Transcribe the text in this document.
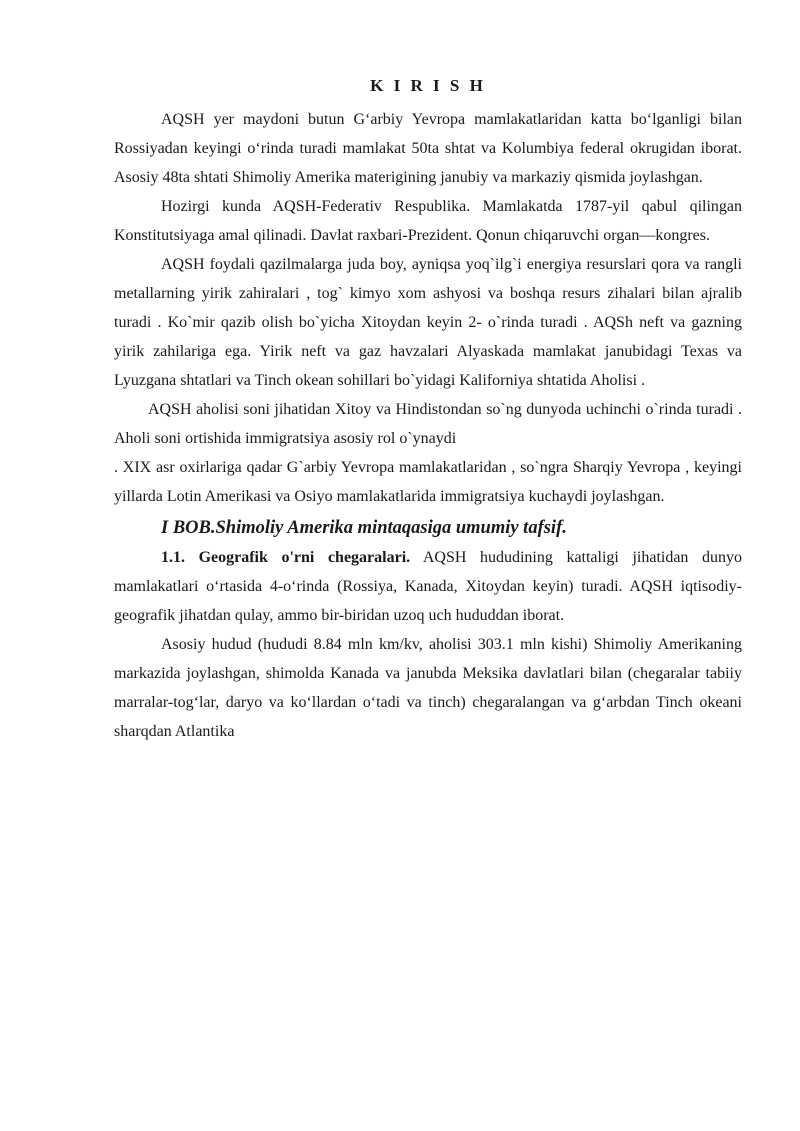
K I R I S H

AQSH yer maydoni butun G‘arbiy Yevropa mamlakatlaridan katta bo‘lganligi bilan Rossiyadan keyingi o‘rinda turadi mamlakat 50ta shtat va Kolumbiya federal okrugidan iborat. Asosiy 48ta shtati Shimoliy Amerika materigining janubiy va markaziy qismida joylashgan.

Hozirgi kunda AQSH-Federativ Respublika. Mamlakatda 1787-yil qabul qilingan Konstitutsiyaga amal qilinadi. Davlat raxbari-Prezident. Qonun chiqaruvchi organ—kongres.

AQSH foydali qazilmalarga juda boy, ayniqsa yoq`ilg`i energiya resurslari qora va rangli metallarning yirik zahiralari , tog` kimyo xom ashyosi va boshqa resurs zihalari bilan ajralib turadi . Ko`mir qazib olish bo`yicha Xitoydan keyin 2- o`rinda turadi . AQSh neft va gazning yirik zahilariga ega. Yirik neft va gaz havzalari Alyaskada mamlakat janubidagi Texas va Lyuzgana shtatlari va Tinch okean sohillari bo`yidagi Kaliforniya shtatida Aholisi .

AQSH aholisi soni jihatidan Xitoy va Hindistondan so`ng dunyoda uchinchi o`rinda turadi . Aholi soni ortishida immigratsiya asosiy rol o`ynaydi

. XIX asr oxirlariga qadar G`arbiy Yevropa mamlakatlaridan , so`ngra Sharqiy Yevropa , keyingi yillarda Lotin Amerikasi va Osiyo mamlakatlarida immigratsiya kuchaydi joylashgan.

I BOB.Shimoliy Amerika mintaqasiga umumiy tafsif.

1.1. Geografik o'rni chegaralari. AQSH hududining kattaligi jihatidan dunyo mamlakatlari o‘rtasida 4-o‘rinda (Rossiya, Kanada, Xitoydan keyin) turadi. AQSH iqtisodiy-geografik jihatdan qulay, ammo bir-biridan uzoq uch hududdan iborat.

Asosiy hudud (hududi 8.84 mln km/kv, aholisi 303.1 mln kishi) Shimoliy Amerikaning markazida joylashgan, shimolda Kanada va janubda Meksika davlatlari bilan (chegaralar tabiiy marralar-tog‘lar, daryo va ko‘llardan o‘tadi va tinch) chegaralangan va g‘arbdan Tinch okeani sharqdan Atlantika
